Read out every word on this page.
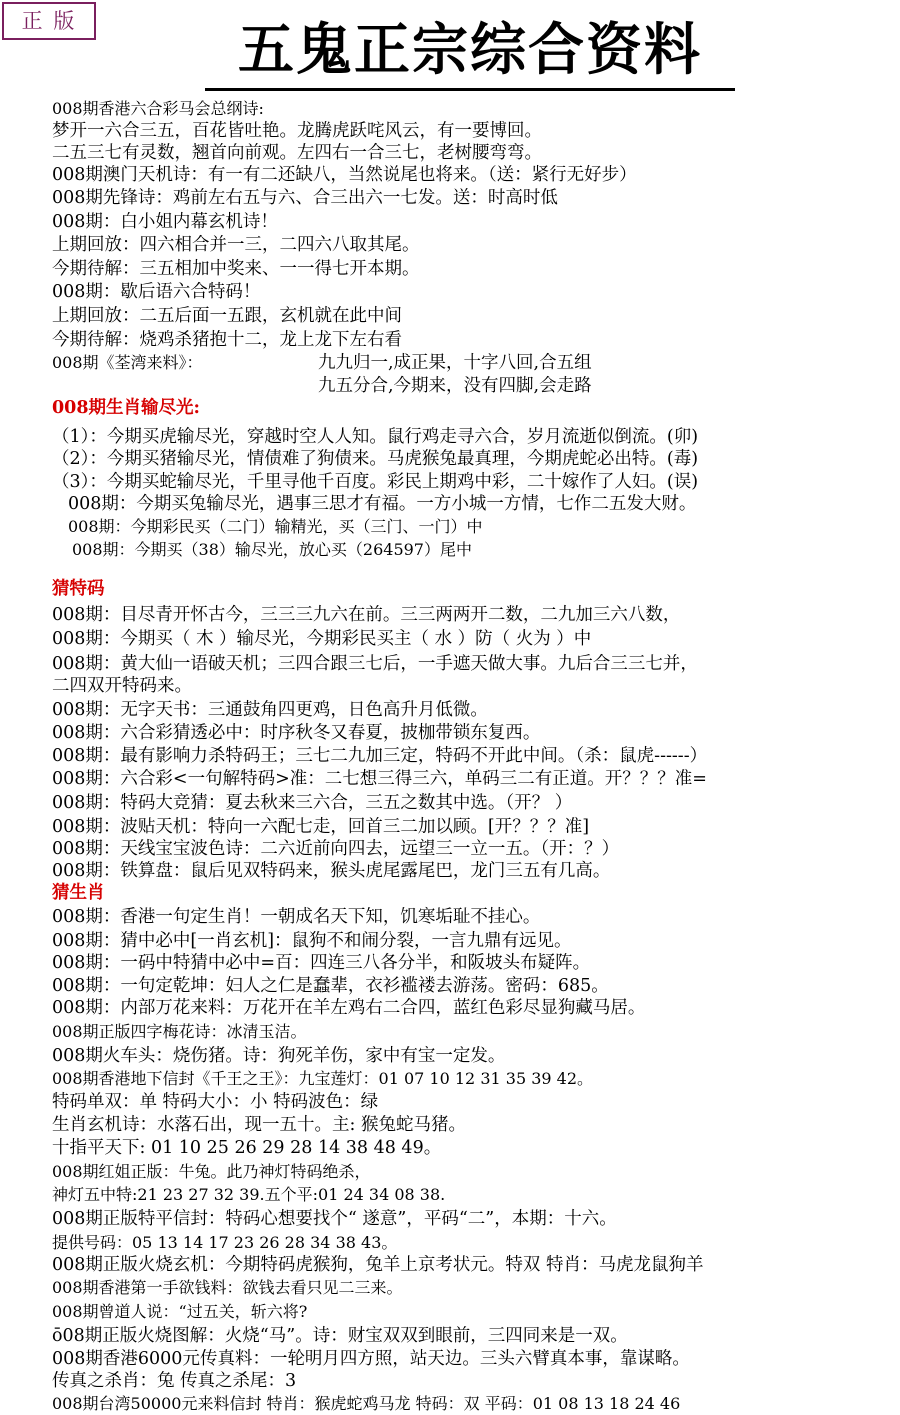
正 版	五鬼正宗综合资料
008期香港六合彩马会总纲诗:
梦开一六合三五，百花皆吐艳。龙腾虎跃咤风云，有一要博回。
二五三七有灵数，翘首向前观。左四右一合三七，老树腰弯弯。
008期澳门天机诗：有一有二还缺八，当然说尾也将来。（送：紧行无好步）
008期先锋诗：鸡前左右五与六、合三出六一七发。送：时高时低
008期：白小姐内幕玄机诗！
上期回放：四六相合并一三，二四六八取其尾。
今期待解：三五相加中奖来、一一得七开本期。
008期：歇后语六合特码！
上期回放：二五后面一五跟，玄机就在此中间
今期待解：烧鸡杀猪抱十二，龙上龙下左右看
008期《荃湾来料》：	九九归一,成正果，十字八回,合五组
九五分合,今期来，没有四脚,会走路
008期生肖输尽光:
（1）：今期买虎输尽光，穿越时空人人知。鼠行鸡走寻六合，岁月流逝似倒流。(卯)
（2）：今期买猪输尽光，情债难了狗债来。马虎猴兔最真理，今期虎蛇必出特。(毒)
（3）：今期买蛇输尽光，千里寻他千百度。彩民上期鸡中彩，二十嫁作了人妇。(误)
008期：今期买兔输尽光，遇事三思才有福。一方小城一方情，七作二五发大财。
008期：今期彩民买（二门）输精光，买（三门、一门）中
008期：今期买（38）输尽光，放心买（264597）尾中
猜特码
008期：目尽青开怀古今，三三三九六在前。三三两两开二数，二九加三六八数，
008期：今期买（ 木 ）输尽光，今期彩民买主（ 水 ）防（ 火为 ）中
008期：黄大仙一语破天机；三四合跟三七后，一手遮天做大事。九后合三三七并，
二四双开特码来。
008期：无字天书：三通鼓角四更鸡，日色高升月低微。
008期：六合彩猜透必中：时序秋冬又春夏，披枷带锁东复西。
008期：最有影响力杀特码王；三七二九加三定，特码不开此中间。（杀：鼠虎------）
008期：六合彩<一句解特码>准：二七想三得三六，单码三二有正道。开？？？准=
008期：特码大竞猜：夏去秋来三六合，三五之数其中选。（开？ ）
008期：波贴天机：特向一六配七走，回首三二加以顾。[开？？？准]
008期：天线宝宝波色诗：二六近前向四去，远望三一立一五。（开：？）
008期：铁算盘：鼠后见双特码来，猴头虎尾露尾巴，龙门三五有几高。
猜生肖
008期：香港一句定生肖！一朝成名天下知，饥寒垢耻不挂心。
008期：猜中必中[一肖玄机]：鼠狗不和闹分裂，一言九鼎有远见。
008期：一码中特猜中必中=百：四连三八各分半，和阪坡头布疑阵。
008期：一句定乾坤：妇人之仁是蠢辈，衣衫褴褛去游荡。密码：685。
008期：内部万花来料：万花开在羊左鸡右二合四，蓝红色彩尽显狗藏马居。
008期正版四字梅花诗：冰清玉洁。
008期火车头：烧伤猪。诗：狗死羊伤，家中有宝一定发。
008期香港地下信封《千王之王》：九宝莲灯：01 07 10 12 31 35 39 42。
特码单双：单 特码大小：小 特码波色：绿
生肖玄机诗：水落石出，现一五十。主: 猴兔蛇马猪。
十指平天下: 01 10 25 26 29 28 14 38 48 49。
008期红姐正版：牛兔。此乃神灯特码绝杀，
神灯五中特:21 23 27 32 39.五个平:01 24 34 08 38.
008期正版特平信封：特码心想要找个“ 遂意”，平码“二”，本期：十六。
提供号码：05 13 14 17 23 26 28 34 38 43。
008期正版火烧玄机：今期特码虎猴狗，兔羊上京考状元。特双 特肖：马虎龙鼠狗羊
008期香港第一手欲钱料：欲钱去看只见二三来。
008期曾道人说：“过五关，斩六将?
ō08期正版火烧图解：火烧“马”。诗：财宝双双到眼前，三四同来是一双。
008期香港6000元传真料：一轮明月四方照，站天边。三头六臂真本事，靠谋略。
传真之杀肖：兔 传真之杀尾：3
008期台湾50000元来料信封 特肖：猴虎蛇鸡马龙 特码：双 平码：01 08 13 18 24 46
